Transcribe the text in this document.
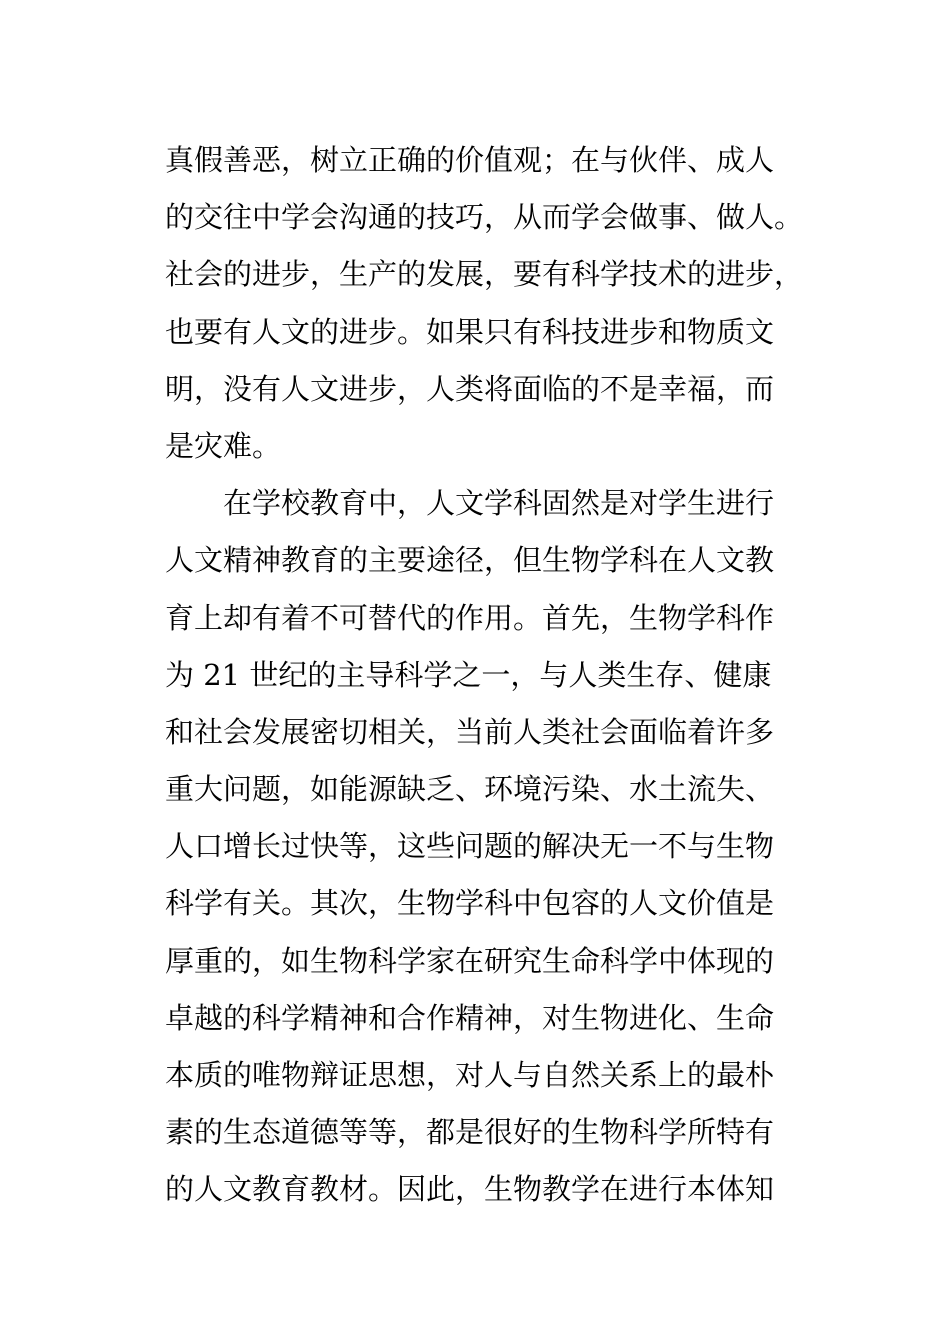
真假善恶，树立正确的价值观；在与伙伴、成人
的交往中学会沟通的技巧，从而学会做事、做人。
社会的进步，生产的发展，要有科学技术的进步，
也要有人文的进步。如果只有科技进步和物质文
明，没有人文进步，人类将面临的不是幸福，而
是灾难。
　　在学校教育中，人文学科固然是对学生进行
人文精神教育的主要途径，但生物学科在人文教
育上却有着不可替代的作用。首先，生物学科作
为 21 世纪的主导科学之一，与人类生存、健康
和社会发展密切相关，当前人类社会面临着许多
重大问题，如能源缺乏、环境污染、水土流失、
人口增长过快等，这些问题的解决无一不与生物
科学有关。其次，生物学科中包容的人文价值是
厚重的，如生物科学家在研究生命科学中体现的
卓越的科学精神和合作精神，对生物进化、生命
本质的唯物辩证思想，对人与自然关系上的最朴
素的生态道德等等，都是很好的生物科学所特有
的人文教育教材。因此，生物教学在进行本体知
